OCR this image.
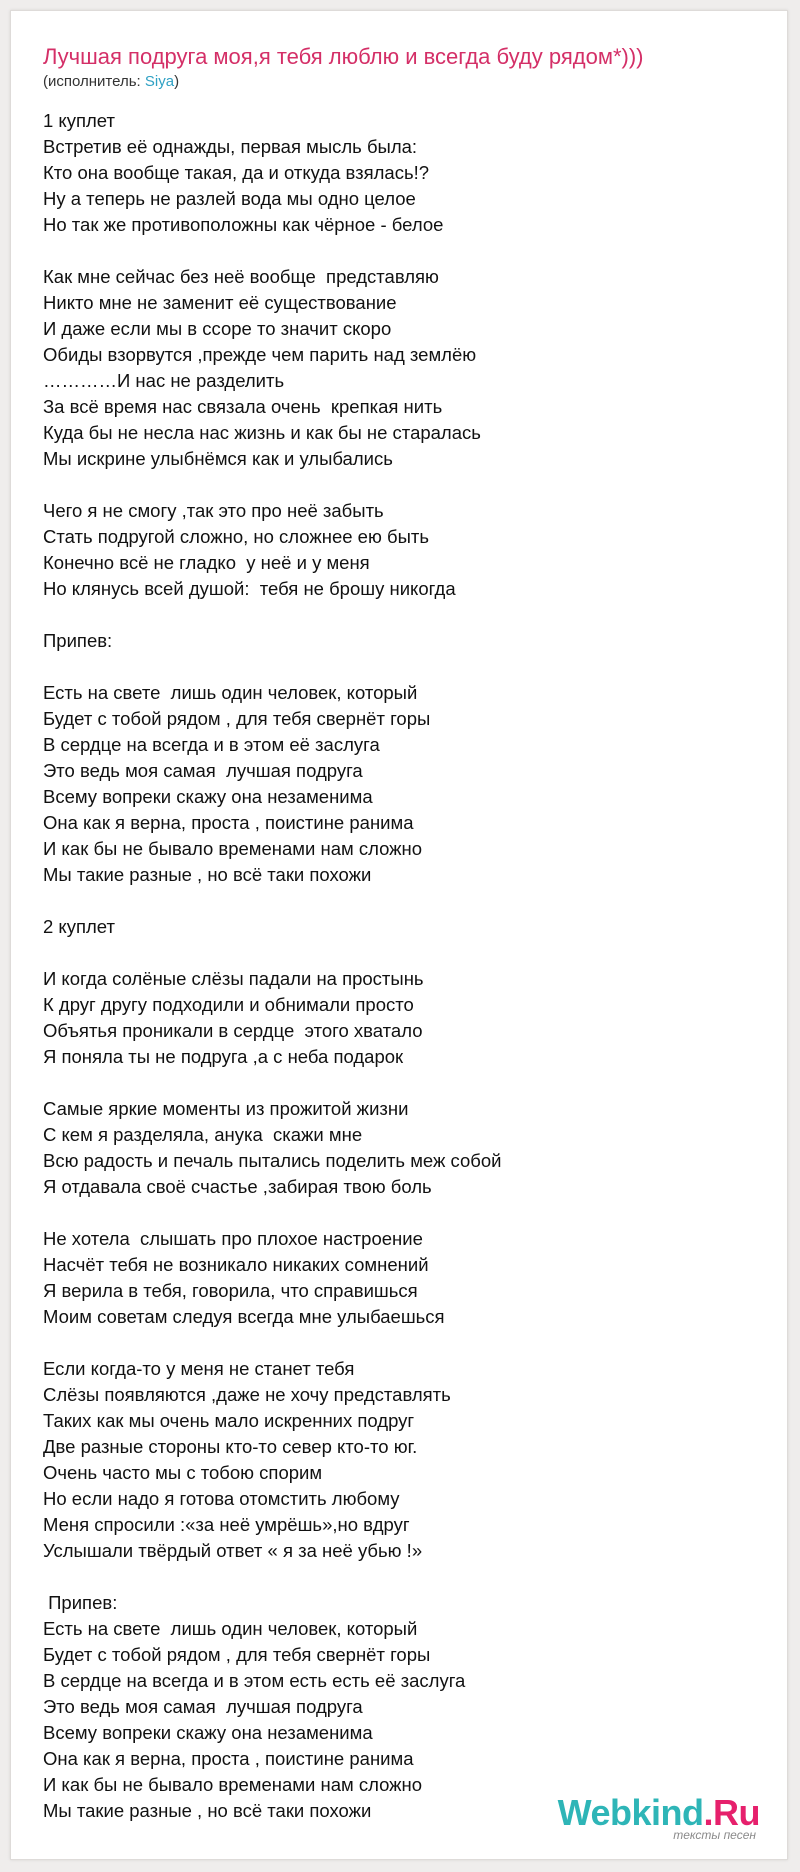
Лучшая подруга моя,я тебя люблю и всегда буду рядом*)))
(исполнитель: Siya)
1 куплет
Встретив её однажды, первая мысль была:
Кто она вообще такая, да и откуда взялась!?
Ну а теперь не разлей вода мы одно целое
Но так же противоположны как чёрное - белое
Как мне сейчас без неё вообще  представляю
Никто мне не заменит её существование
И даже если мы в ссоре то значит скоро
Обиды взорвутся ,прежде чем парить над землёю
…………И нас не разделить
За всё время нас связала очень  крепкая нить
Куда бы не несла нас жизнь и как бы не старалась
Мы искрине улыбнёмся как и улыбались
Чего я не смогу ,так это про неё забыть
Стать подругой сложно, но сложнее ею быть
Конечно всё не гладко  у неё и у меня
Но клянусь всей душой:  тебя не брошу никогда
Припев:
Есть на свете  лишь один человек, который
Будет с тобой рядом , для тебя свернёт горы
В сердце на всегда и в этом её заслуга
Это ведь моя самая  лучшая подруга
Всему вопреки скажу она незаменима
Она как я верна, проста , поистине ранима
И как бы не бывало временами нам сложно
Мы такие разные , но всё таки похожи
2 куплет
И когда солёные слёзы падали на простынь
К друг другу подходили и обнимали просто
Объятья проникали в сердце  этого хватало
Я поняла ты не подруга ,а с неба подарок
Самые яркие моменты из прожитой жизни
С кем я разделяла, анука  скажи мне
Всю радость и печаль пытались поделить меж собой
Я отдавала своё счастье ,забирая твою боль
Не хотела  слышать про плохое настроение
Насчёт тебя не возникало никаких сомнений
Я верила в тебя, говорила, что справишься
Моим советам следуя всегда мне улыбаешься
Если когда-то у меня не станет тебя
Слёзы появляются ,даже не хочу представлять
Таких как мы очень мало искренних подруг
Две разные стороны кто-то север кто-то юг.
Очень часто мы с тобою спорим
Но если надо я готова отомстить любому
Меня спросили :«за неё умрёшь»,но вдруг
Услышали твёрдый ответ « я за неё убью !»
Припев:
Есть на свете  лишь один человек, который
Будет с тобой рядом , для тебя свернёт горы
В сердце на всегда и в этом есть есть её заслуга
Это ведь моя самая  лучшая подруга
Всему вопреки скажу она незаменима
Она как я верна, проста , поистине ранима
И как бы не бывало временами нам сложно
Мы такие разные , но всё таки похожи	Webkind.Ru
тексты песен
